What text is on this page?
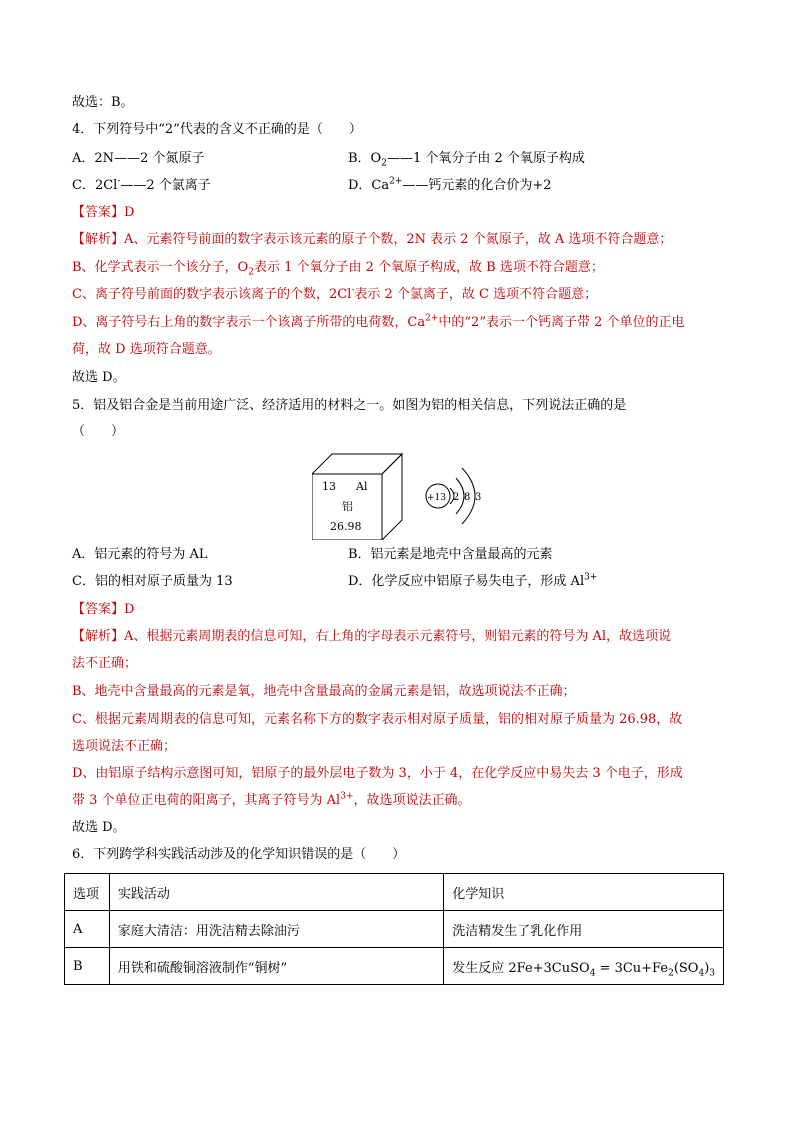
故选：B。
4．下列符号中“2”代表的含义不正确的是（　　）
A．2N——2 个氮原子	B．$O_2——1$ 个氧分子由 2 个氧原子构成
C．2Cl-——2 个氯离子	D．$Ca^{2+}——$钙元素的化合价为+2
【答案】D
【解析】A、元素符号前面的数字表示该元素的原子个数，2N 表示 2 个氮原子，故 A 选项不符合题意；
B、化学式表示一个该分子，$O_2$表示 1 个氧分子由 2 个氧原子构成，故 B 选项不符合题意；
C、离子符号前面的数字表示该离子的个数，2Cl-表示 2 个氯离子，故 C 选项不符合题意；
D、离子符号右上角的数字表示一个该离子所带的电荷数，$Ca^{2+}$中的“2”表示一个钙离子带 2 个单位的正电
荷，故 D 选项符合题意。
故选 D。
5．铝及铝合金是当前用途广泛、经济适用的材料之一。如图为铝的相关信息，下列说法正确的是
（　　）
13 Al
铝
26.98
+13 2 8 3
A．铝元素的符号为 AL	B．铝元素是地壳中含量最高的元素
C．铝的相对原子质量为 13	D．化学反应中铝原子易失电子，形成 $Al^{3+}$
【答案】D
【解析】A、根据元素周期表的信息可知，右上角的字母表示元素符号，则铝元素的符号为 Al，故选项说
法不正确；
B、地壳中含量最高的元素是氧，地壳中含量最高的金属元素是铝，故选项说法不正确；
C、根据元素周期表的信息可知，元素名称下方的数字表示相对原子质量，铝的相对原子质量为 26.98，故
选项说法不正确；
D、由铝原子结构示意图可知，铝原子的最外层电子数为 3，小于 4，在化学反应中易失去 3 个电子，形成
带 3 个单位正电荷的阳离子，其离子符号为 $Al^{3+}$，故选项说法正确。
故选 D。
6．下列跨学科实践活动涉及的化学知识错误的是（　　）
选项	实践活动	化学知识
A	家庭大清洁：用洗洁精去除油污	洗洁精发生了乳化作用
B	用铁和硫酸铜溶液制作“铜树”	发生反应 2Fe+3CuSO$_4$ = $3Cu+Fe_2(SO_4)_3$
